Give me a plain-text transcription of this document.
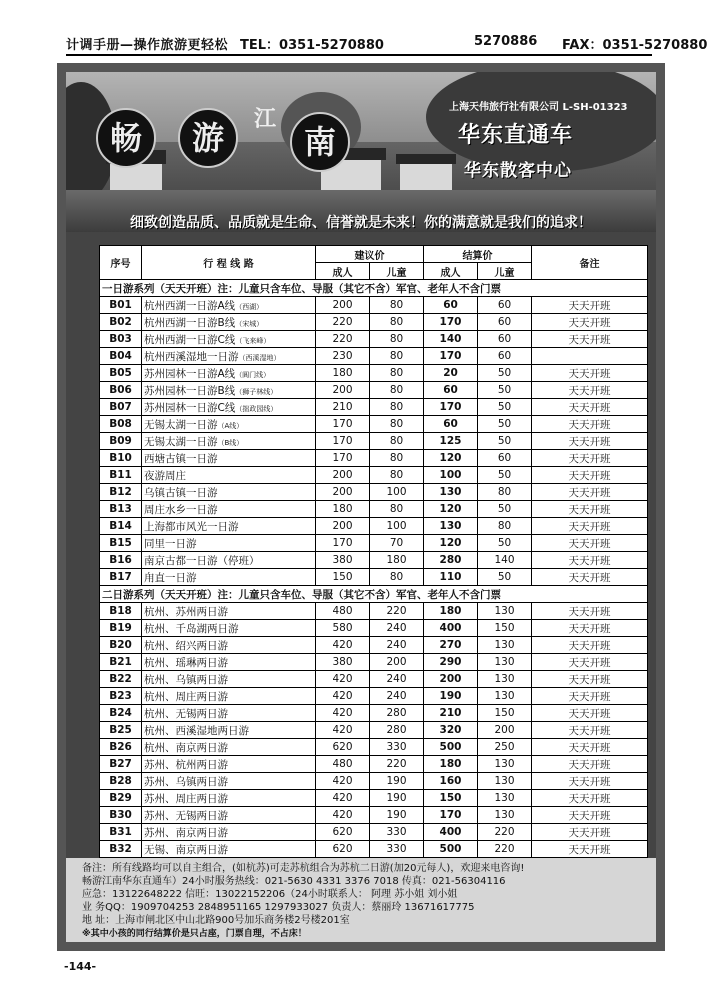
计调手册—操作旅游更轻松 TEL：0351-5270880	5270886 FAX：0351-5270880
畅	游	江
南
上海天伟旅行社有限公司 L-SH-01323
华东直通车
华东散客中心
细致创造品质、品质就是生命、信誉就是未来！你的满意就是我们的追求！
序号	行 程 线 路	建议价		结算价		备注
		成人	儿童	成人	儿童	
一日游系列（天天开班）注：儿童只含车位、导服（其它不含）军官、老年人不含门票						
B01	杭州西湖一日游A线（西湖）	200	80	60	60	天天开班
B02	杭州西湖一日游B线（宋城）	220	80	170	60	天天开班
B03	杭州西湖一日游C线（飞来峰）	220	80	140	60	天天开班
B04	杭州西溪湿地一日游（西溪湿地）	230	80	170	60	
B05	苏州园林一日游A线（阊门线）	180	80	20	50	天天开班
B06	苏州园林一日游B线（狮子林线）	200	80	60	50	天天开班
B07	苏州园林一日游C线（拙政园线）	210	80	170	50	天天开班
B08	无锡太湖一日游（A线）	170	80	60	50	天天开班
B09	无锡太湖一日游（B线）	170	80	125	50	天天开班
B10	西塘古镇一日游	170	80	120	60	天天开班
B11	夜游周庄	200	80	100	50	天天开班
B12	乌镇古镇一日游	200	100	130	80	天天开班
B13	周庄水乡一日游	180	80	120	50	天天开班
B14	上海都市风光一日游	200	100	130	80	天天开班
B15	同里一日游	170	70	120	50	天天开班
B16	南京古都一日游（停班）	380	180	280	140	天天开班
B17	甪直一日游	150	80	110	50	天天开班
二日游系列（天天开班）注：儿童只含车位、导服（其它不含）军官、老年人不含门票						
B18	杭州、苏州两日游	480	220	180	130	天天开班
B19	杭州、千岛湖两日游	580	240	400	150	天天开班
B20	杭州、绍兴两日游	420	240	270	130	天天开班
B21	杭州、瑶琳两日游	380	200	290	130	天天开班
B22	杭州、乌镇两日游	420	240	200	130	天天开班
B23	杭州、周庄两日游	420	240	190	130	天天开班
B24	杭州、无锡两日游	420	280	210	150	天天开班
B25	杭州、西溪湿地两日游	420	280	320	200	天天开班
B26	杭州、南京两日游	620	330	500	250	天天开班
B27	苏州、杭州两日游	480	220	180	130	天天开班
B28	苏州、乌镇两日游	420	190	160	130	天天开班
B29	苏州、周庄两日游	420	190	150	130	天天开班
B30	苏州、无锡两日游	420	190	170	130	天天开班
B31	苏州、南京两日游	620	330	400	220	天天开班
B32	无锡、南京两日游	620	330	500	220	天天开班
备注：所有线路均可以自主组合，(如杭苏)可走苏杭组合为苏杭二日游(加20元每人)，欢迎来电咨询!
畅游江南华东直通车）24小时服务热线：021-5630 4331 3376 7018 传真：021-56304116
应急：13122648222 信旺：13022152206（24小时联系人： 阿理 苏小姐 刘小姐
业 务QQ：1909704253 2848951165 1297933027 负责人：蔡丽玲 13671617775
地 址：上海市闸北区中山北路900号加乐商务楼2号楼201室
※其中小孩的同行结算价是只占座，门票自理，不占床！
-144-
